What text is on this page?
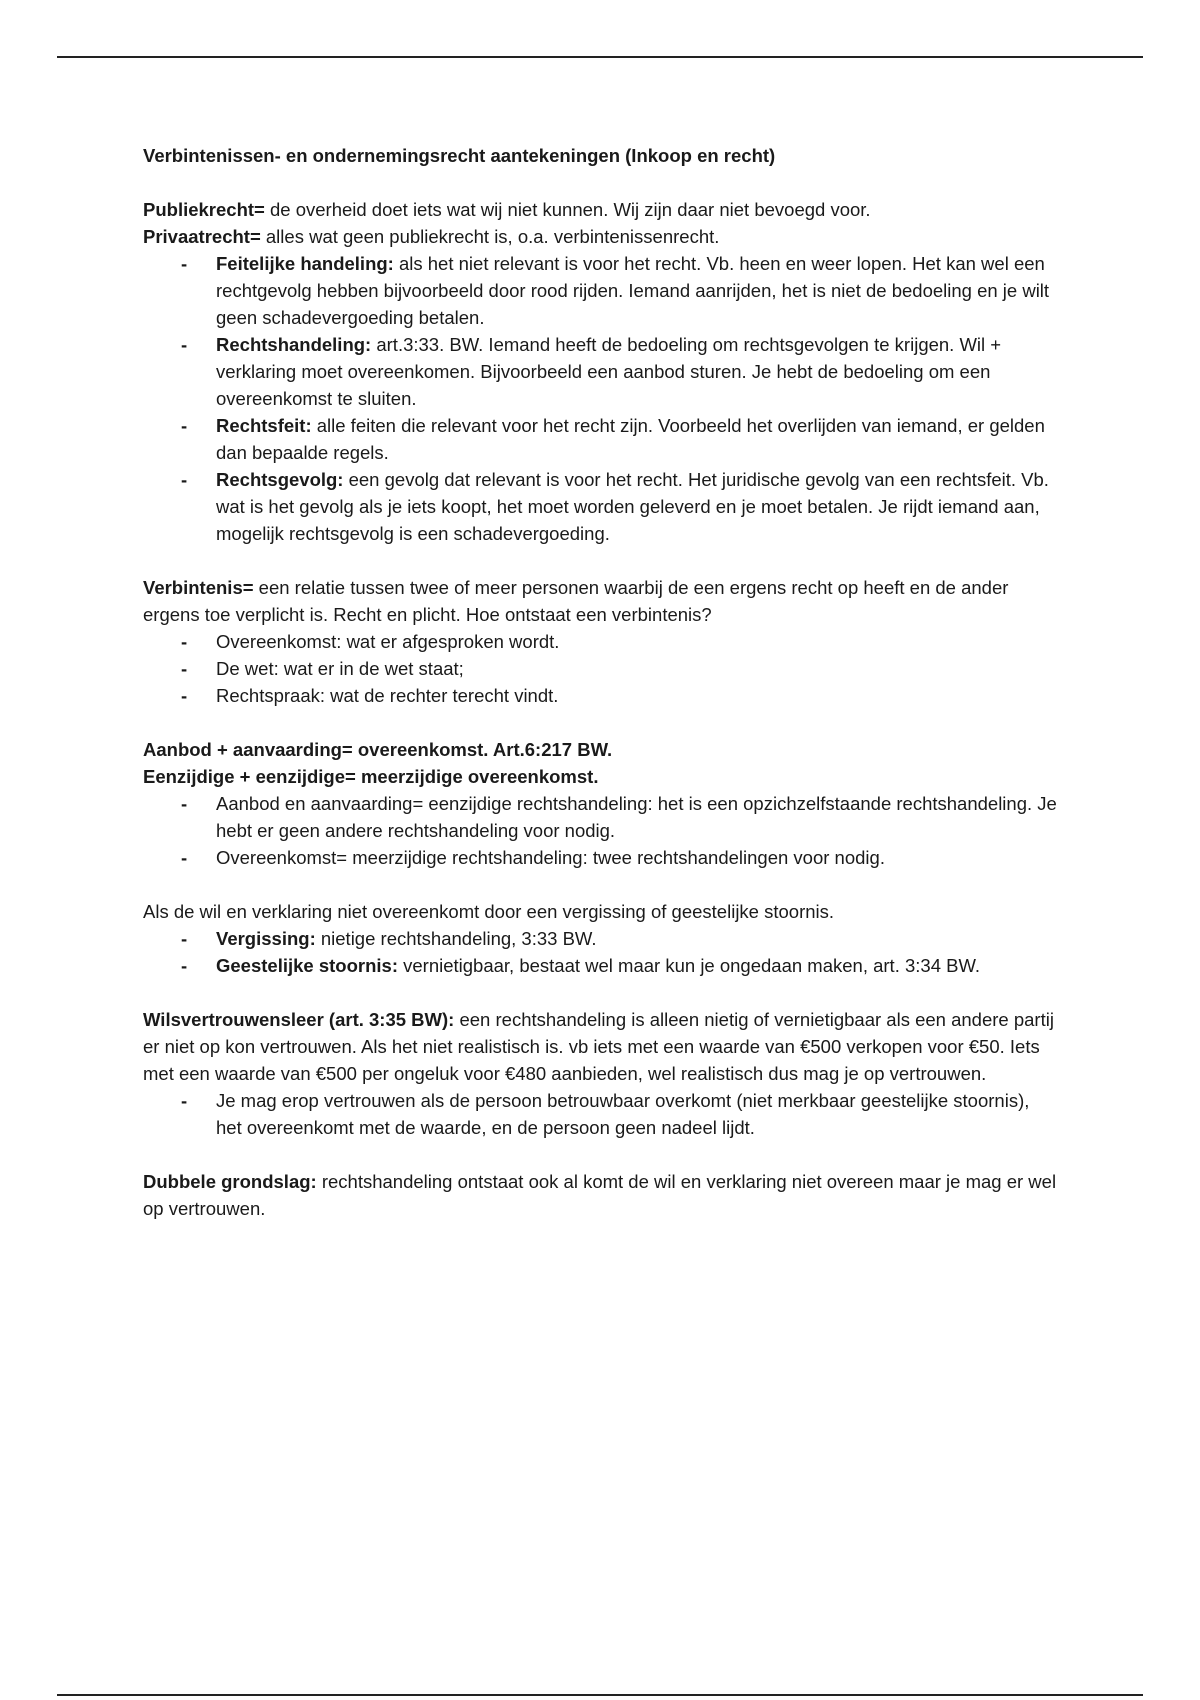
Verbintenissen- en ondernemingsrecht aantekeningen (Inkoop en recht)

Publiekrecht= de overheid doet iets wat wij niet kunnen. Wij zijn daar niet bevoegd voor.

Privaatrecht= alles wat geen publiekrecht is, o.a. verbintenissenrecht.

- Feitelijke handeling: als het niet relevant is voor het recht. Vb. heen en weer lopen. Het kan wel een rechtgevolg hebben bijvoorbeeld door rood rijden. Iemand aanrijden, het is niet de bedoeling en je wilt geen schadevergoeding betalen.
- Rechtshandeling: art.3:33. BW. Iemand heeft de bedoeling om rechtsgevolgen te krijgen. Wil + verklaring moet overeenkomen. Bijvoorbeeld een aanbod sturen. Je hebt de bedoeling om een overeenkomst te sluiten.
- Rechtsfeit: alle feiten die relevant voor het recht zijn. Voorbeeld het overlijden van iemand, er gelden dan bepaalde regels.
- Rechtsgevolg: een gevolg dat relevant is voor het recht. Het juridische gevolg van een rechtsfeit. Vb. wat is het gevolg als je iets koopt, het moet worden geleverd en je moet betalen. Je rijdt iemand aan, mogelijk rechtsgevolg is een schadevergoeding.

Verbintenis= een relatie tussen twee of meer personen waarbij de een ergens recht op heeft en de ander ergens toe verplicht is. Recht en plicht. Hoe ontstaat een verbintenis?

- Overeenkomst: wat er afgesproken wordt.
- De wet: wat er in de wet staat;
- Rechtspraak: wat de rechter terecht vindt.

Aanbod + aanvaarding= overeenkomst. Art.6:217 BW.

Eenzijdige + eenzijdige= meerzijdige overeenkomst.

- Aanbod en aanvaarding= eenzijdige rechtshandeling: het is een opzichzelfstaande rechtshandeling. Je hebt er geen andere rechtshandeling voor nodig.
- Overeenkomst= meerzijdige rechtshandeling: twee rechtshandelingen voor nodig.

Als de wil en verklaring niet overeenkomt door een vergissing of geestelijke stoornis.

- Vergissing: nietige rechtshandeling, 3:33 BW.
- Geestelijke stoornis: vernietigbaar, bestaat wel maar kun je ongedaan maken, art. 3:34 BW.

Wilsvertrouwensleer (art. 3:35 BW): een rechtshandeling is alleen nietig of vernietigbaar als een andere partij er niet op kon vertrouwen. Als het niet realistisch is. vb iets met een waarde van €500 verkopen voor €50. Iets met een waarde van €500 per ongeluk voor €480 aanbieden, wel realistisch dus mag je op vertrouwen.

- Je mag erop vertrouwen als de persoon betrouwbaar overkomt (niet merkbaar geestelijke stoornis), het overeenkomt met de waarde, en de persoon geen nadeel lijdt.

Dubbele grondslag: rechtshandeling ontstaat ook al komt de wil en verklaring niet overeen maar je mag er wel op vertrouwen.
